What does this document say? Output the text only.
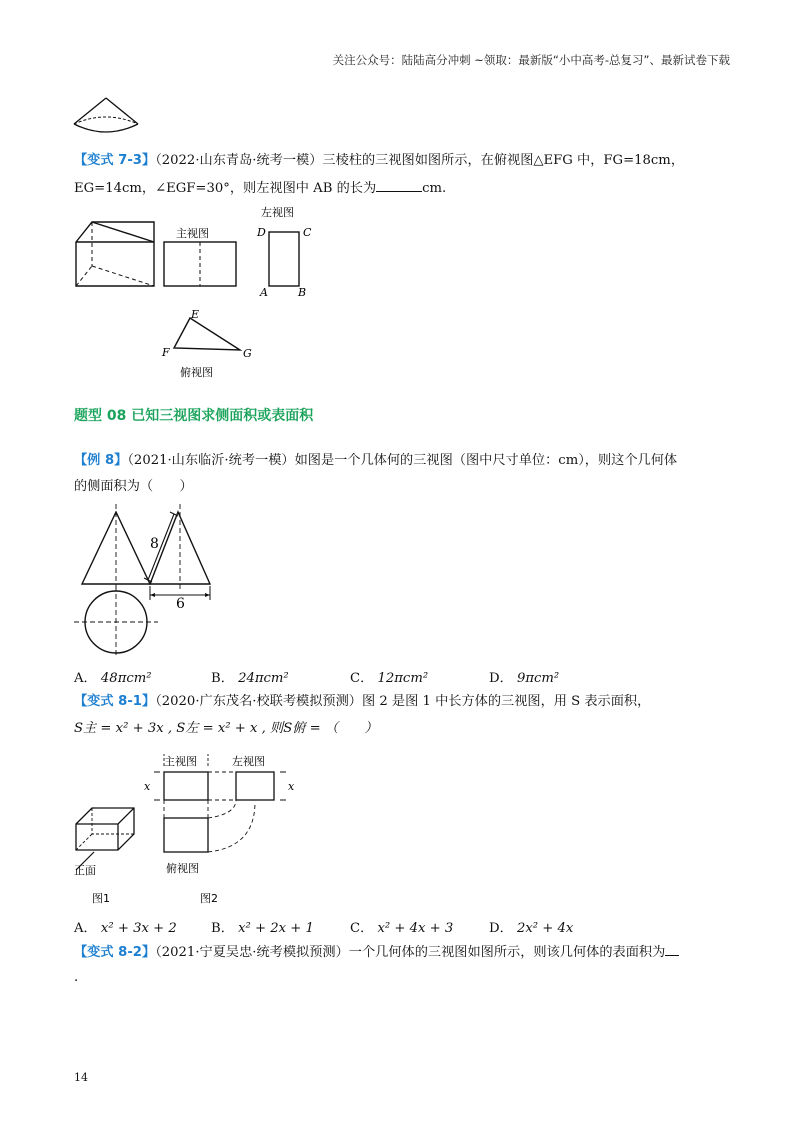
关注公众号：陆陆高分冲刺 ~领取：最新版“小中高考-总复习”、最新试卷下载
【变式 7-3】（2022·山东青岛·统考一模）三棱柱的三视图如图所示，在俯视图△EFG 中，FG=18cm，
EG=14cm，∠EGF=30°，则左视图中 AB 的长为	cm.
主视图
左视图
D	C
A	B
E
F	G
俯视图
题型 08 已知三视图求侧面积或表面积
【例 8】（2021·山东临沂·统考一模）如图是一个几体何的三视图（图中尺寸单位：cm），则这个几何体
的侧面积为（　　）
8
6
A． 48πcm²	B． 24πcm²	C． 12πcm²	D． 9πcm²
【变式 8-1】（2020·广东茂名·校联考模拟预测）图 2 是图 1 中长方体的三视图，用 S 表示面积，
S主 = x² + 3x , S左 = x² + x , 则S俯 = （　　）
主视图	左视图
俯视图
正面
x	x
图1	图2
A． x² + 3x + 2	B． x² + 2x + 1	C． x² + 4x + 3	D． 2x² + 4x
【变式 8-2】（2021·宁夏吴忠·统考模拟预测）一个几何体的三视图如图所示，则该几何体的表面积为
.
14
